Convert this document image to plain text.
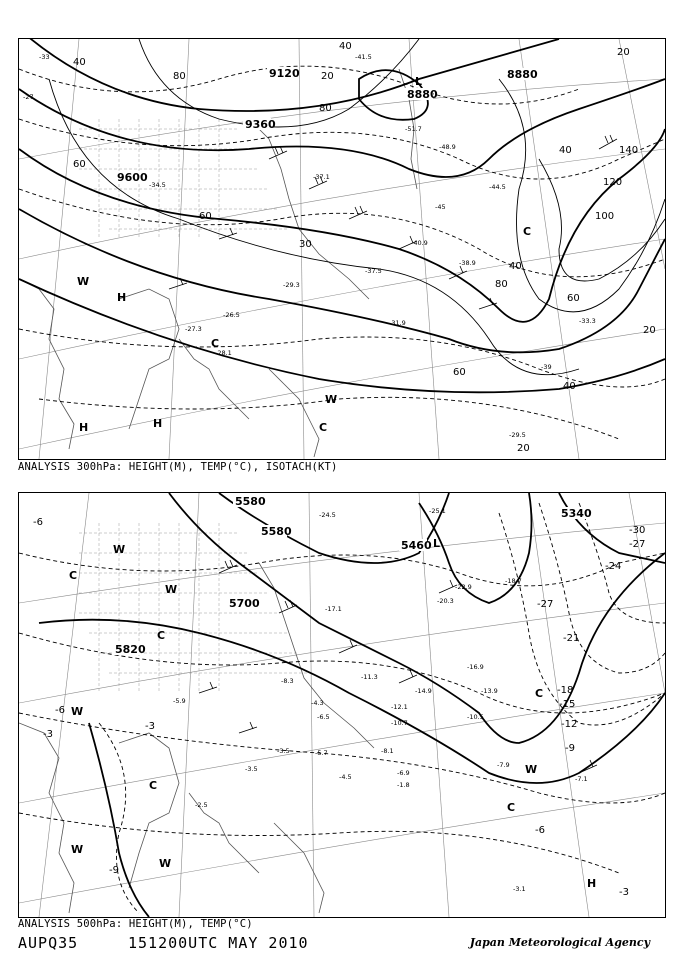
9120
9360
9600
8880
8880
20
40
60
80
100
120
140
20
40
60
80
40
60
20
40
60
20
40
80
30
-33
-27
-37.1
-38.9
-31.9	-33.3
-29.5
-45
-51.7
-48.9
-41.5
-29.3
-27.3
-26.5
-28.1
-34.5	-44.5
-40.9
-37.5
-39
H
H	H
L
C
C
C
W
W
ANALYSIS 300hPa: HEIGHT(M), TEMP(°C), ISOTACH(KT)
5580
5700
5820
5460
5340
5580
-6
-3
-3
-9
-12
-15
-18
-21
-24
-27
-30
-27
-6
-3
-9
-6
-7.9
-6.9
-8.1
-4.5
-3.5
-7.1
-3.1
-17.1
-18.7
-22.9
-20.3
-25.1
-24.5
-11.3
-10.5
-16.9
-14.9
-12.1
-10.7
-13.9
-8.3
-5.9
-2.5
-3.5
-4.3
-6.5
-5.7
-1.8
C
C
C
C
C
W
W
W
W
W
W	L
H
ANALYSIS 500hPa: HEIGHT(M), TEMP(°C)
AUPQ35	151200UTC MAY 2010	Japan Meteorological Agency
